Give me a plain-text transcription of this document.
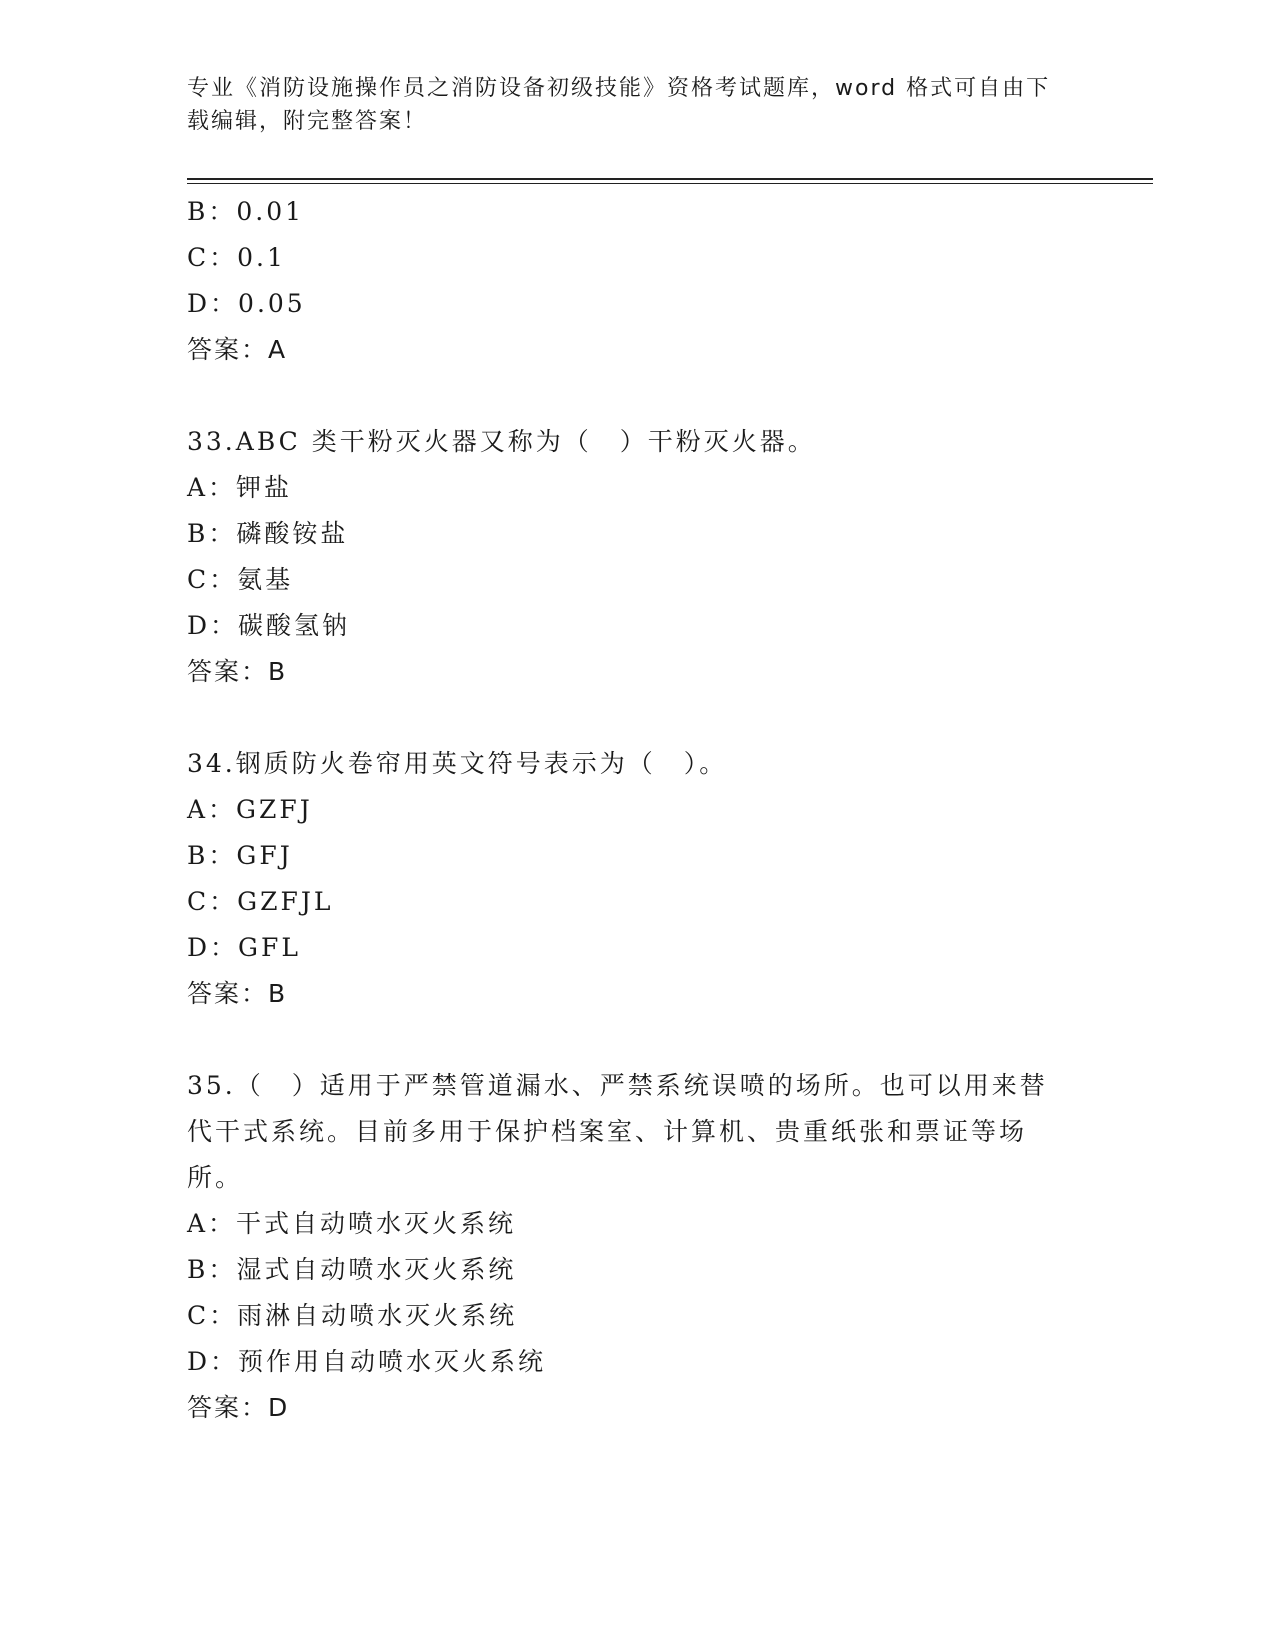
专业《消防设施操作员之消防设备初级技能》资格考试题库，word 格式可自由下
载编辑，附完整答案！
B：0.01
C：0.1
D：0.05
答案：A
33.ABC 类干粉灭火器又称为（　）干粉灭火器。
A：钾盐
B：磷酸铵盐
C：氨基
D：碳酸氢钠
答案：B
34.钢质防火卷帘用英文符号表示为（　）。
A：GZFJ
B：GFJ
C：GZFJL
D：GFL
答案：B
35.（　）适用于严禁管道漏水、严禁系统误喷的场所。也可以用来替
代干式系统。目前多用于保护档案室、计算机、贵重纸张和票证等场
所。
A：干式自动喷水灭火系统
B：湿式自动喷水灭火系统
C：雨淋自动喷水灭火系统
D：预作用自动喷水灭火系统
答案：D
